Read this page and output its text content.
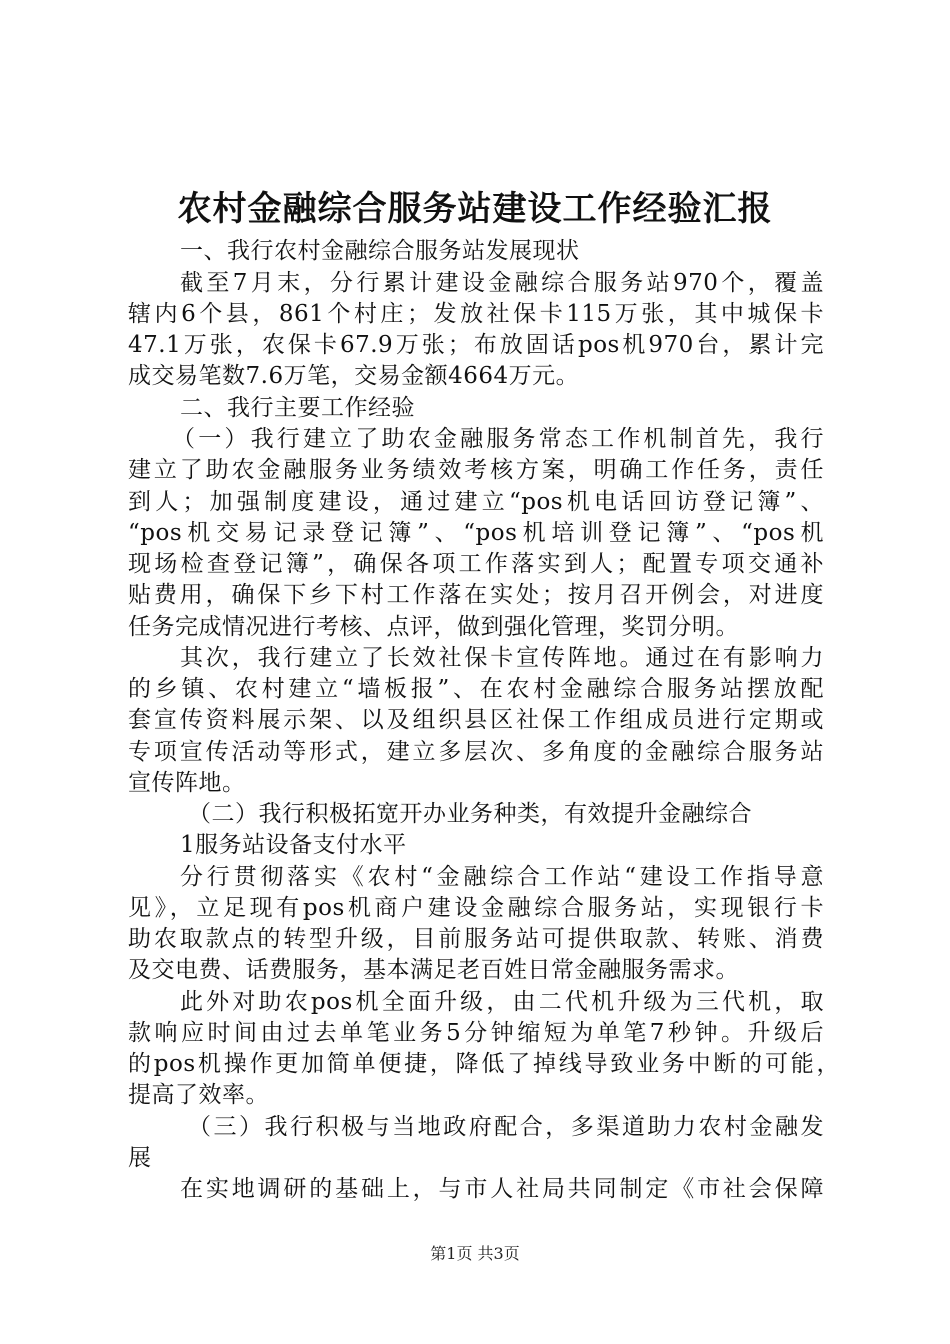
农村金融综合服务站建设工作经验汇报
一、我行农村金融综合服务站发展现状
截至7月末，分行累计建设金融综合服务站970个，覆盖
辖内6个县，861个村庄；发放社保卡115万张，其中城保卡
47.1万张，农保卡67.9万张；布放固话pos机970台，累计完
成交易笔数7.6万笔，交易金额4664万元。
二、我行主要工作经验
（一）我行建立了助农金融服务常态工作机制首先，我行
建立了助农金融服务业务绩效考核方案，明确工作任务，责任
到人；加强制度建设，通过建立“pos机电话回访登记簿”、
“pos机交易记录登记簿”、“pos机培训登记簿”、“pos机
现场检查登记簿”，确保各项工作落实到人；配置专项交通补
贴费用，确保下乡下村工作落在实处；按月召开例会，对进度
任务完成情况进行考核、点评，做到强化管理，奖罚分明。
其次，我行建立了长效社保卡宣传阵地。通过在有影响力
的乡镇、农村建立“墙板报”、在农村金融综合服务站摆放配
套宣传资料展示架、以及组织县区社保工作组成员进行定期或
专项宣传活动等形式，建立多层次、多角度的金融综合服务站
宣传阵地。
（二）我行积极拓宽开办业务种类，有效提升金融综合
1服务站设备支付水平
分行贯彻落实《农村“金融综合工作站“建设工作指导意
见》，立足现有pos机商户建设金融综合服务站，实现银行卡
助农取款点的转型升级，目前服务站可提供取款、转账、消费
及交电费、话费服务，基本满足老百姓日常金融服务需求。
此外对助农pos机全面升级，由二代机升级为三代机，取
款响应时间由过去单笔业务5分钟缩短为单笔7秒钟。升级后
的pos机操作更加简单便捷，降低了掉线导致业务中断的可能，
提高了效率。
（三）我行积极与当地政府配合，多渠道助力农村金融发
展
在实地调研的基础上，与市人社局共同制定《市社会保障
第1页 共3页
